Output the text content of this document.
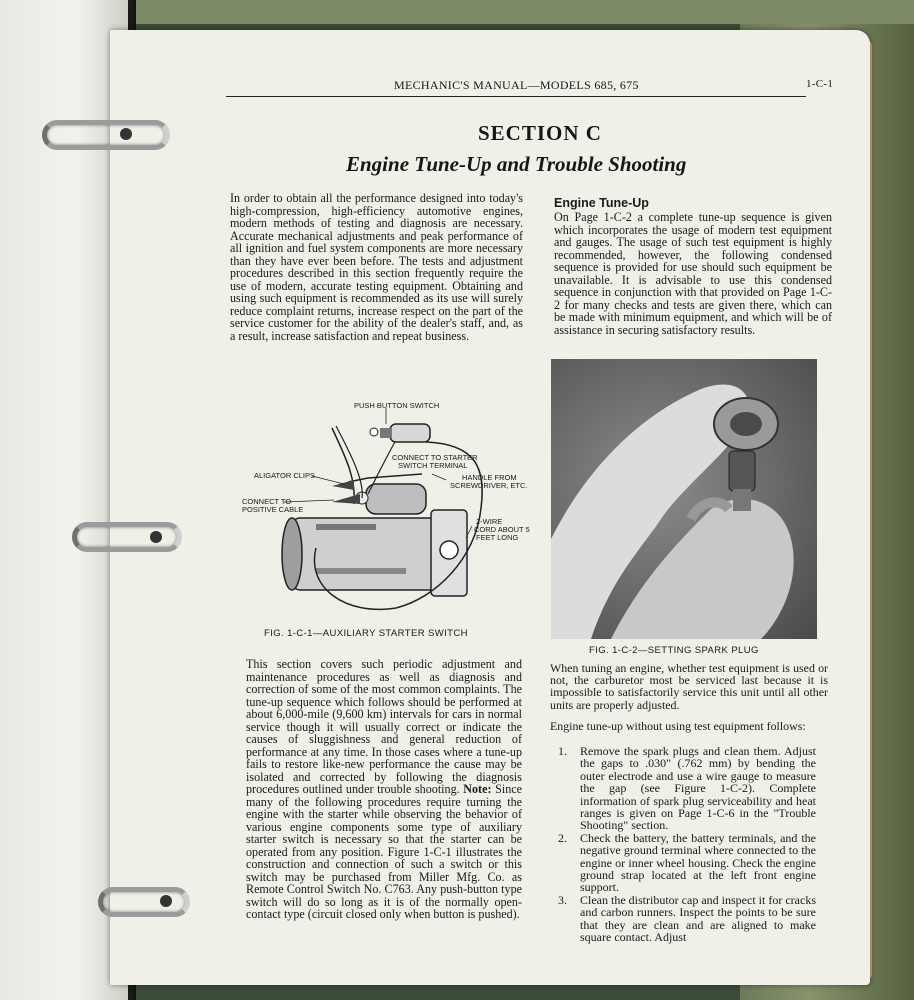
MECHANIC'S MANUAL—MODELS 685, 675	1-C-1
SECTION C
Engine Tune-Up and Trouble Shooting
In order to obtain all the performance designed into today's high-compression, high-efficiency automotive engines, modern methods of testing and diagnosis are necessary. Accurate mechanical adjustments and peak performance of all ignition and fuel system components are more necessary than they have ever been before. The tests and adjustment procedures described in this section frequently require the use of modern, accurate testing equipment. Obtaining and using such equipment is recommended as its use will surely reduce complaint returns, increase respect on the part of the service customer for the ability of the dealer's staff, and, as a result, increase satisfaction and repeat business.
PUSH BUTTON SWITCH
CONNECT TO STARTER SWITCH TERMINAL
HANDLE FROM SCREWDRIVER, ETC.
ALIGATOR CLIPS
CONNECT TO POSITIVE CABLE
2-WIRE CORD ABOUT 5 FEET LONG
FIG. 1-C-1—AUXILIARY STARTER SWITCH
This section covers such periodic adjustment and maintenance procedures as well as diagnosis and correction of some of the most common complaints. The tune-up sequence which follows should be performed at about 6,000-mile (9,600 km) intervals for cars in normal service though it will usually correct or indicate the causes of sluggishness and general reduction of performance at any time. In those cases where a tune-up fails to restore like-new performance the cause may be isolated and corrected by following the diagnosis procedures outlined under trouble shooting. Note: Since many of the following procedures require turning the engine with the starter while observing the behavior of various engine components some type of auxiliary starter switch is necessary so that the starter can be operated from any position. Figure 1-C-1 illustrates the construction and connection of such a switch or this switch may be purchased from Miller Mfg. Co. as Remote Control Switch No. C763. Any push-button type switch will do so long as it is of the normally open-contact type (circuit closed only when button is pushed).
Engine Tune-Up
On Page 1-C-2 a complete tune-up sequence is given which incorporates the usage of modern test equipment and gauges. The usage of such test equipment is highly recommended, however, the following condensed sequence is provided for use should such equipment be unavailable. It is advisable to use this condensed sequence in conjunction with that provided on Page 1-C-2 for many checks and tests are given there, which can be made with minimum equipment, and which will be of assistance in securing satisfactory results.
FIG. 1-C-2—SETTING SPARK PLUG
When tuning an engine, whether test equipment is used or not, the carburetor most be serviced last because it is impossible to satisfactorily service this unit until all other units are properly adjusted.
Engine tune-up without using test equipment follows:
1. Remove the spark plugs and clean them. Adjust the gaps to .030" (.762 mm) by bending the outer electrode and use a wire gauge to measure the gap (see Figure 1-C-2). Complete information of spark plug serviceability and heat ranges is given on Page 1-C-6 in the "Trouble Shooting" section.
2. Check the battery, the battery terminals, and the negative ground terminal where connected to the engine or inner wheel housing. Check the engine ground strap located at the left front engine support.
3. Clean the distributor cap and inspect it for cracks and carbon runners. Inspect the points to be sure that they are clean and are aligned to make square contact. Adjust
